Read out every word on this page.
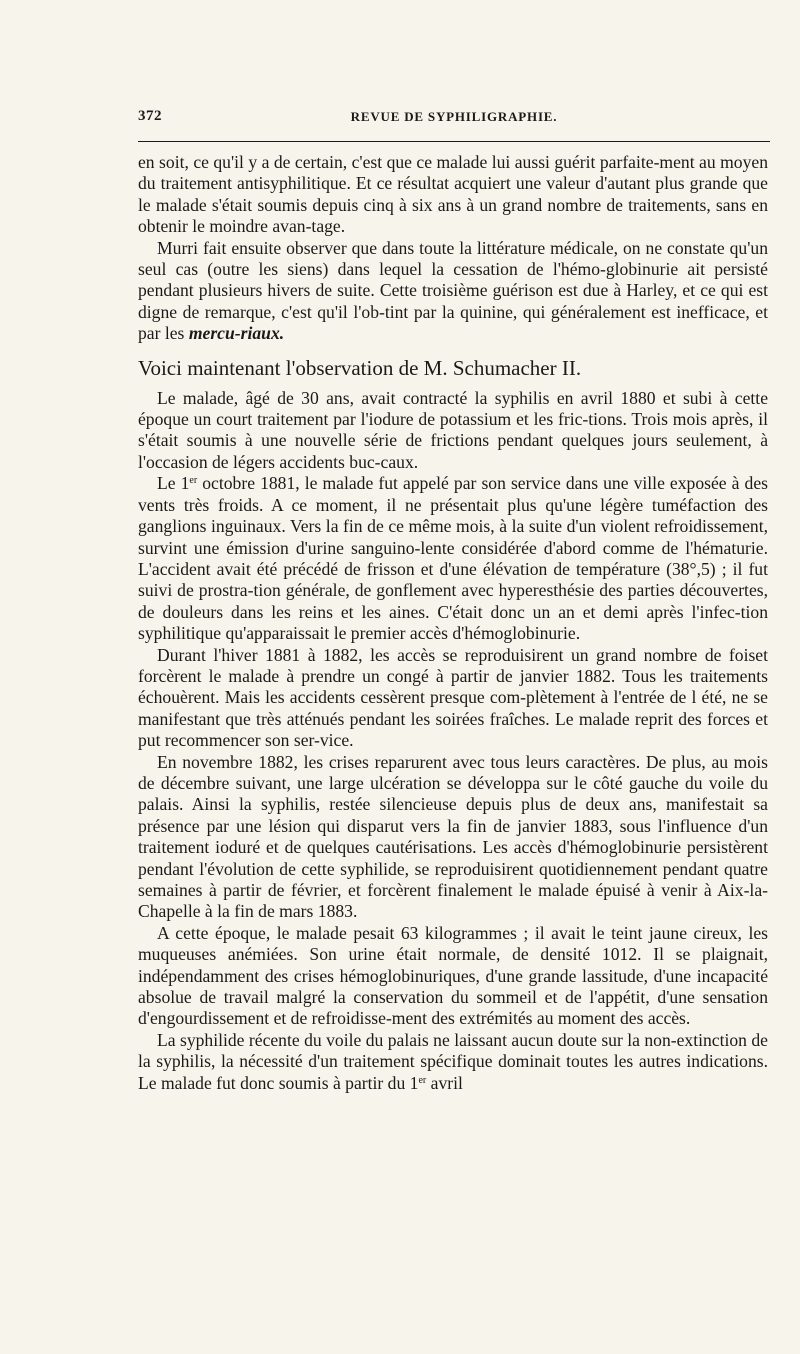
372	REVUE DE SYPHILIGRAPHIE.

en soit, ce qu'il y a de certain, c'est que ce malade lui aussi guérit parfaite-ment au moyen du traitement antisyphilitique. Et ce résultat acquiert une valeur d'autant plus grande que le malade s'était soumis depuis cinq à six ans à un grand nombre de traitements, sans en obtenir le moindre avan-tage.

Murri fait ensuite observer que dans toute la littérature médicale, on ne constate qu'un seul cas (outre les siens) dans lequel la cessation de l'hémo-globinurie ait persisté pendant plusieurs hivers de suite. Cette troisième guérison est due à Harley, et ce qui est digne de remarque, c'est qu'il l'ob-tint par la quinine, qui généralement est inefficace, et par les mercu-riaux.

Voici maintenant l'observation de M. Schumacher II.

Le malade, âgé de 30 ans, avait contracté la syphilis en avril 1880 et subi à cette époque un court traitement par l'iodure de potassium et les fric-tions. Trois mois après, il s'était soumis à une nouvelle série de frictions pendant quelques jours seulement, à l'occasion de légers accidents buc-caux.

Le 1er octobre 1881, le malade fut appelé par son service dans une ville exposée à des vents très froids. A ce moment, il ne présentait plus qu'une légère tuméfaction des ganglions inguinaux. Vers la fin de ce même mois, à la suite d'un violent refroidissement, survint une émission d'urine sanguino-lente considérée d'abord comme de l'hématurie. L'accident avait été précédé de frisson et d'une élévation de température (38°,5) ; il fut suivi de prostra-tion générale, de gonflement avec hyperesthésie des parties découvertes, de douleurs dans les reins et les aines. C'était donc un an et demi après l'infec-tion syphilitique qu'apparaissait le premier accès d'hémoglobinurie.

Durant l'hiver 1881 à 1882, les accès se reproduisirent un grand nombre de foiset forcèrent le malade à prendre un congé à partir de janvier 1882. Tous les traitements échouèrent. Mais les accidents cessèrent presque com-plètement à l'entrée de l été, ne se manifestant que très atténués pendant les soirées fraîches. Le malade reprit des forces et put recommencer son ser-vice.

En novembre 1882, les crises reparurent avec tous leurs caractères. De plus, au mois de décembre suivant, une large ulcération se développa sur le côté gauche du voile du palais. Ainsi la syphilis, restée silencieuse depuis plus de deux ans, manifestait sa présence par une lésion qui disparut vers la fin de janvier 1883, sous l'influence d'un traitement ioduré et de quelques cautérisations. Les accès d'hémoglobinurie persistèrent pendant l'évolution de cette syphilide, se reproduisirent quotidiennement pendant quatre semaines à partir de février, et forcèrent finalement le malade épuisé à venir à Aix-la-Chapelle à la fin de mars 1883.

A cette époque, le malade pesait 63 kilogrammes ; il avait le teint jaune cireux, les muqueuses anémiées. Son urine était normale, de densité 1012. Il se plaignait, indépendamment des crises hémoglobinuriques, d'une grande lassitude, d'une incapacité absolue de travail malgré la conservation du sommeil et de l'appétit, d'une sensation d'engourdissement et de refroidisse-ment des extrémités au moment des accès.

La syphilide récente du voile du palais ne laissant aucun doute sur la non-extinction de la syphilis, la nécessité d'un traitement spécifique dominait toutes les autres indications. Le malade fut donc soumis à partir du 1er avril
